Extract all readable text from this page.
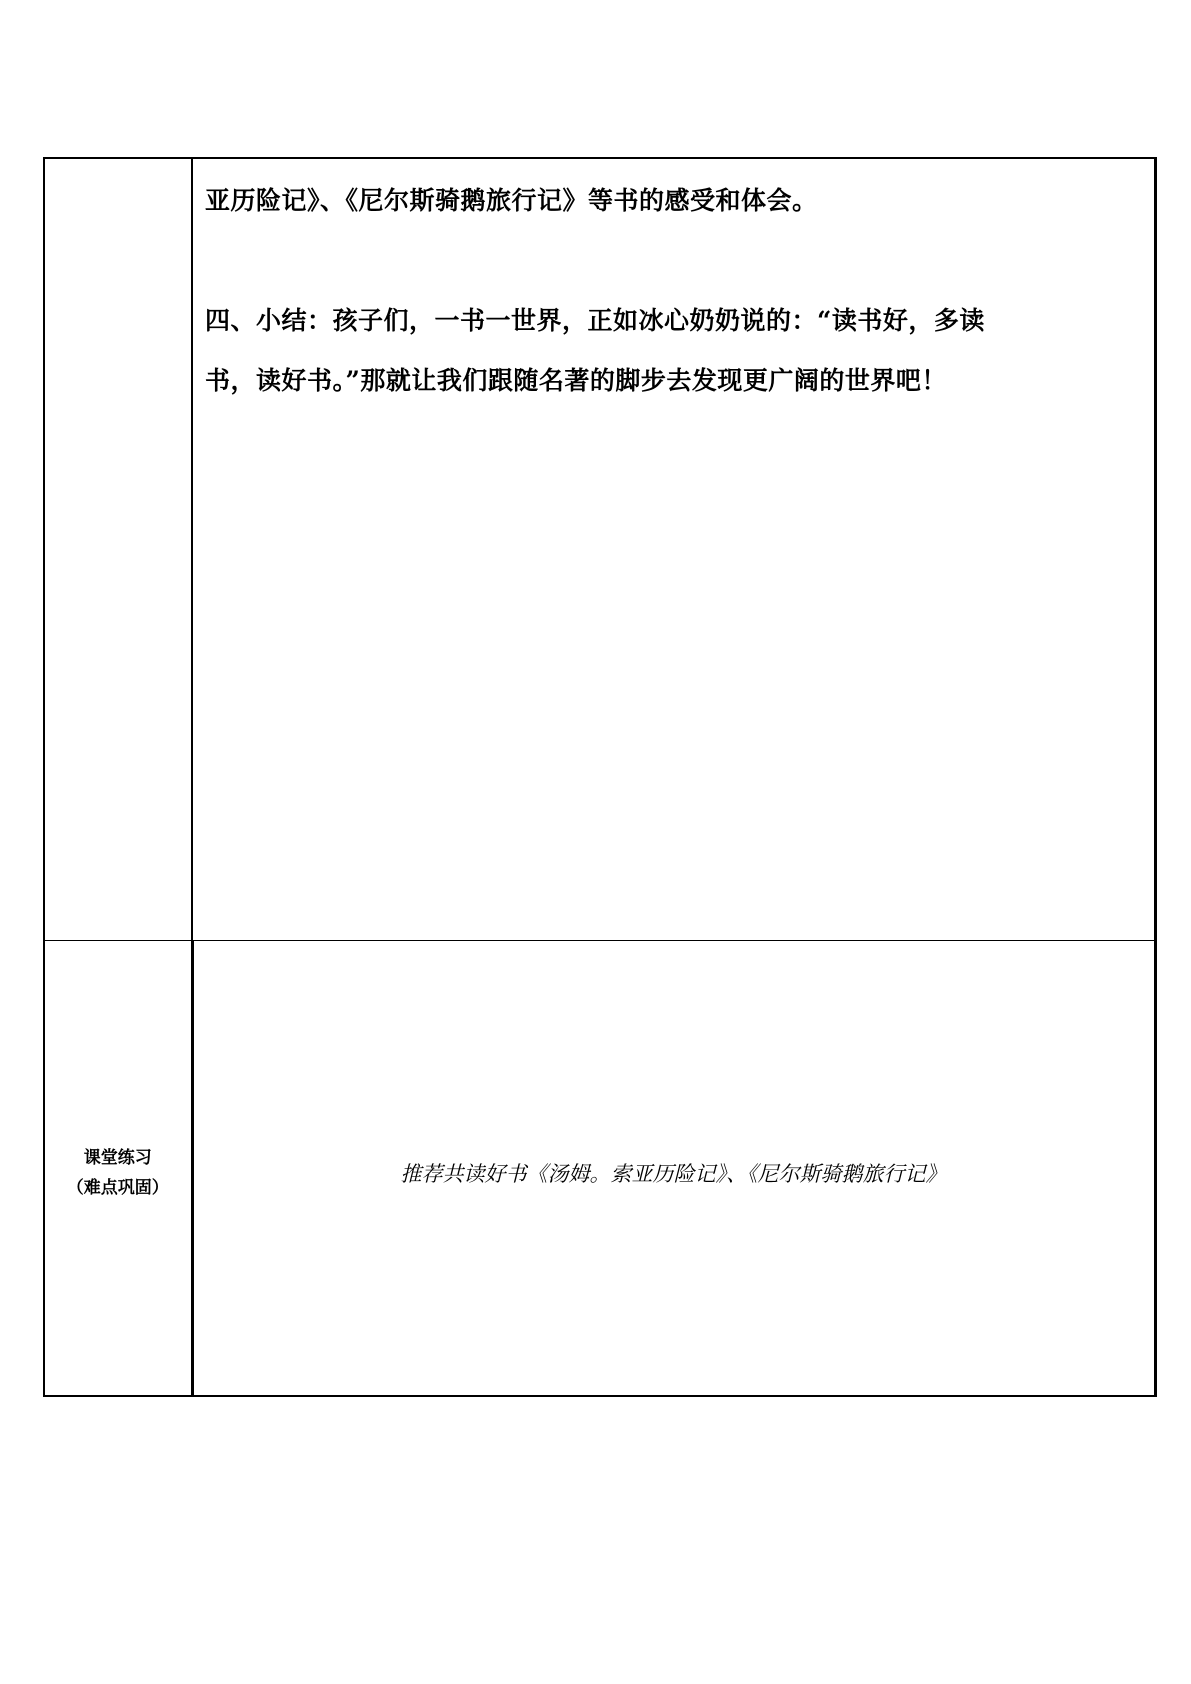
	亚历险记》、《尼尔斯骑鹅旅行记》等书的感受和体会。

四、小结：孩子们，一书一世界，正如冰心奶奶说的：“读书好，多读

书，读好书。”那就让我们跟随名著的脚步去发现更广阔的世界吧！

课堂练习
（难点巩固）	推荐共读好书《汤姆。索亚历险记》、《尼尔斯骑鹅旅行记》
